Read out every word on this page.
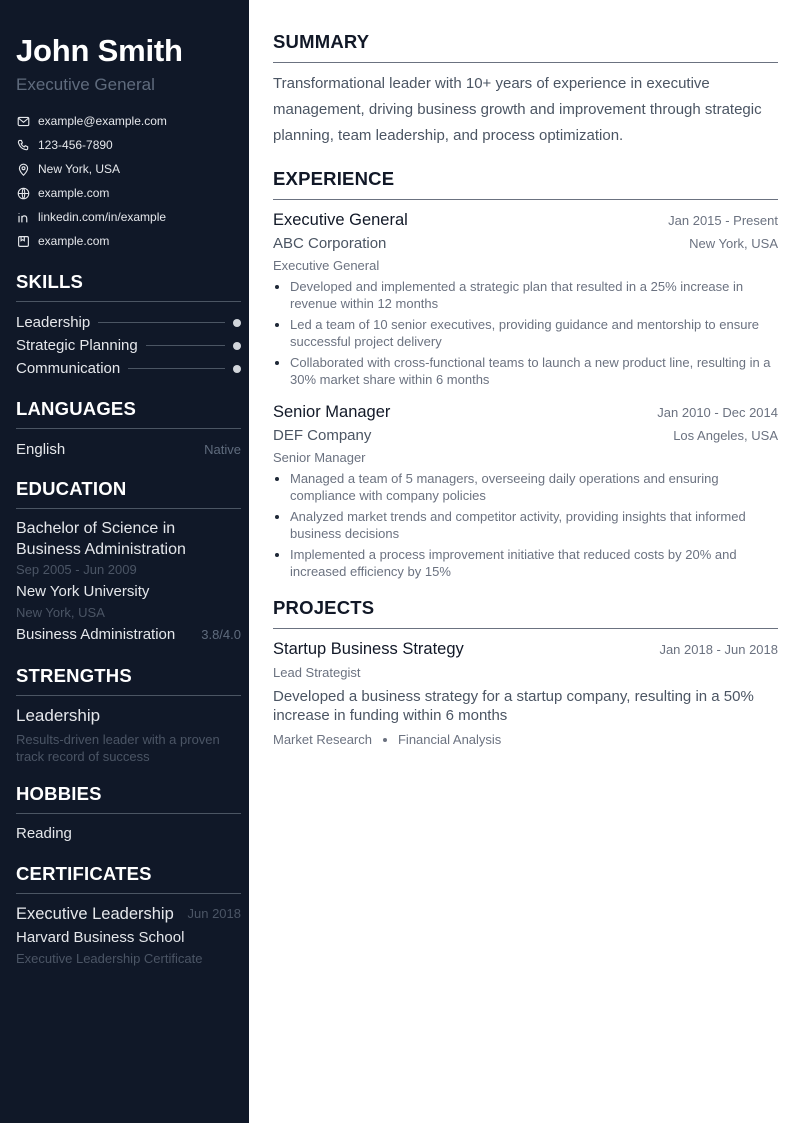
John Smith
Executive General
example@example.com
123-456-7890
New York, USA
example.com
linkedin.com/in/example
example.com
SKILLS
Leadership
Strategic Planning
Communication
LANGUAGES
English	Native
EDUCATION
Bachelor of Science in Business Administration
Sep 2005 - Jun 2009
New York University
New York, USA
Business Administration 3.8/4.0
STRENGTHS
Leadership
Results-driven leader with a proven track record of success
HOBBIES
Reading
CERTIFICATES
Executive Leadership Jun 2018
Harvard Business School
Executive Leadership Certificate
SUMMARY

Transformational leader with 10+ years of experience in executive management, driving business growth and improvement through strategic planning, team leadership, and process optimization.

EXPERIENCE
Executive General	Jan 2015 - Present
ABC Corporation	New York, USA
Executive General
Developed and implemented a strategic plan that resulted in a 25% increase in revenue within 12 months
Led a team of 10 senior executives, providing guidance and mentorship to ensure successful project delivery
Collaborated with cross-functional teams to launch a new product line, resulting in a 30% market share within 6 months
Senior Manager	Jan 2010 - Dec 2014
DEF Company	Los Angeles, USA
Senior Manager
Managed a team of 5 managers, overseeing daily operations and ensuring compliance with company policies
Analyzed market trends and competitor activity, providing insights that informed business decisions
Implemented a process improvement initiative that reduced costs by 20% and increased efficiency by 15%
PROJECTS
Startup Business Strategy	Jan 2018 - Jun 2018
Lead Strategist

Developed a business strategy for a startup company, resulting in a 50% increase in funding within 6 months

Market Research Financial Analysis
